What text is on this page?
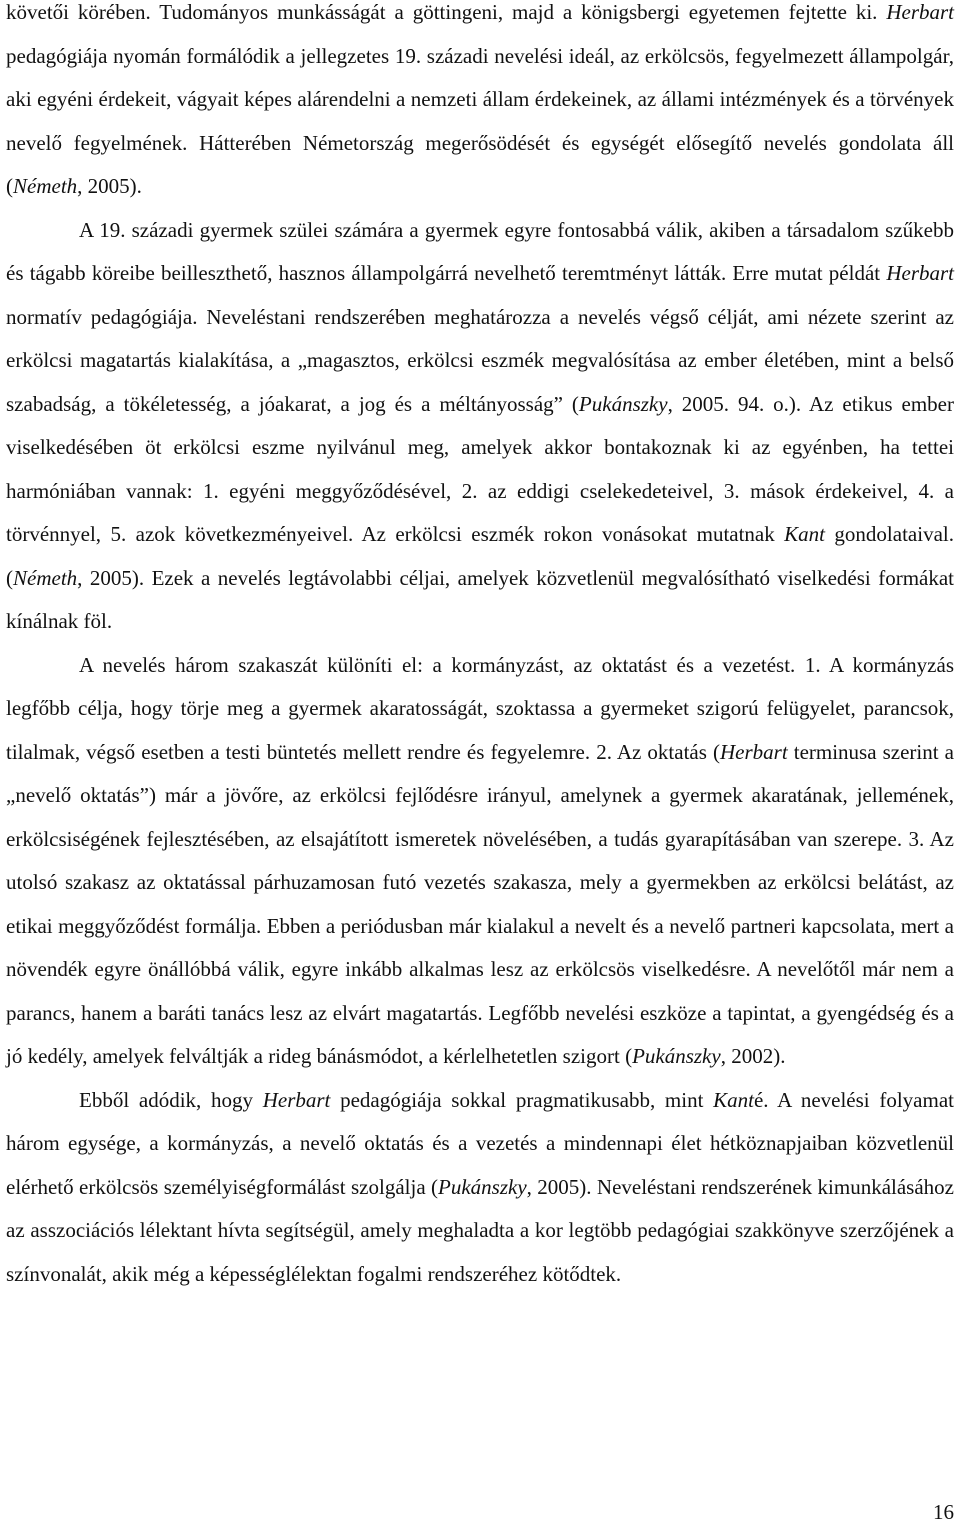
követői körében. Tudományos munkásságát a göttingeni, majd a königsbergi egyetemen fejtette ki. Herbart pedagógiája nyomán formálódik a jellegzetes 19. századi nevelési ideál, az erkölcsös, fegyelmezett állampolgár, aki egyéni érdekeit, vágyait képes alárendelni a nemzeti állam érdekeinek, az állami intézmények és a törvények nevelő fegyelmének. Hátterében Németország megerősödését és egységét elősegítő nevelés gondolata áll (Németh, 2005).

A 19. századi gyermek szülei számára a gyermek egyre fontosabbá válik, akiben a társadalom szűkebb és tágabb köreibe beilleszthető, hasznos állampolgárrá nevelhető teremtményt látták. Erre mutat példát Herbart normatív pedagógiája. Neveléstani rendszerében meghatározza a nevelés végső célját, ami nézete szerint az erkölcsi magatartás kialakítása, a „magasztos, erkölcsi eszmék megvalósítása az ember életében, mint a belső szabadság, a tökéletesség, a jóakarat, a jog és a méltányosság” (Pukánszky, 2005. 94. o.). Az etikus ember viselkedésében öt erkölcsi eszme nyilvánul meg, amelyek akkor bontakoznak ki az egyénben, ha tettei harmóniában vannak: 1. egyéni meggyőződésével, 2. az eddigi cselekedeteivel, 3. mások érdekeivel, 4. a törvénnyel, 5. azok következményeivel. Az erkölcsi eszmék rokon vonásokat mutatnak Kant gondolataival. (Németh, 2005). Ezek a nevelés legtávolabbi céljai, amelyek közvetlenül megvalósítható viselkedési formákat kínálnak föl.

A nevelés három szakaszát különíti el: a kormányzást, az oktatást és a vezetést. 1. A kormányzás legfőbb célja, hogy törje meg a gyermek akaratosságát, szoktassa a gyermeket szigorú felügyelet, parancsok, tilalmak, végső esetben a testi büntetés mellett rendre és fegyelemre. 2. Az oktatás (Herbart terminusa szerint a „nevelő oktatás”) már a jövőre, az erkölcsi fejlődésre irányul, amelynek a gyermek akaratának, jellemének, erkölcsiségének fejlesztésében, az elsajátított ismeretek növelésében, a tudás gyarapításában van szerepe. 3. Az utolsó szakasz az oktatással párhuzamosan futó vezetés szakasza, mely a gyermekben az erkölcsi belátást, az etikai meggyőződést formálja. Ebben a periódusban már kialakul a nevelt és a nevelő partneri kapcsolata, mert a növendék egyre önállóbbá válik, egyre inkább alkalmas lesz az erkölcsös viselkedésre. A nevelőtől már nem a parancs, hanem a baráti tanács lesz az elvárt magatartás. Legfőbb nevelési eszköze a tapintat, a gyengédség és a jó kedély, amelyek felváltják a rideg bánásmódot, a kérlelhetetlen szigort (Pukánszky, 2002).

Ebből adódik, hogy Herbart pedagógiája sokkal pragmatikusabb, mint Kanté. A nevelési folyamat három egysége, a kormányzás, a nevelő oktatás és a vezetés a mindennapi élet hétköznapjaiban közvetlenül elérhető erkölcsös személyiségformálást szolgálja (Pukánszky, 2005). Neveléstani rendszerének kimunkálásához az asszociációs lélektant hívta segítségül, amely meghaladta a kor legtöbb pedagógiai szakkönyve szerzőjének a színvonalát, akik még a képességlélektan fogalmi rendszeréhez kötődtek.

16
